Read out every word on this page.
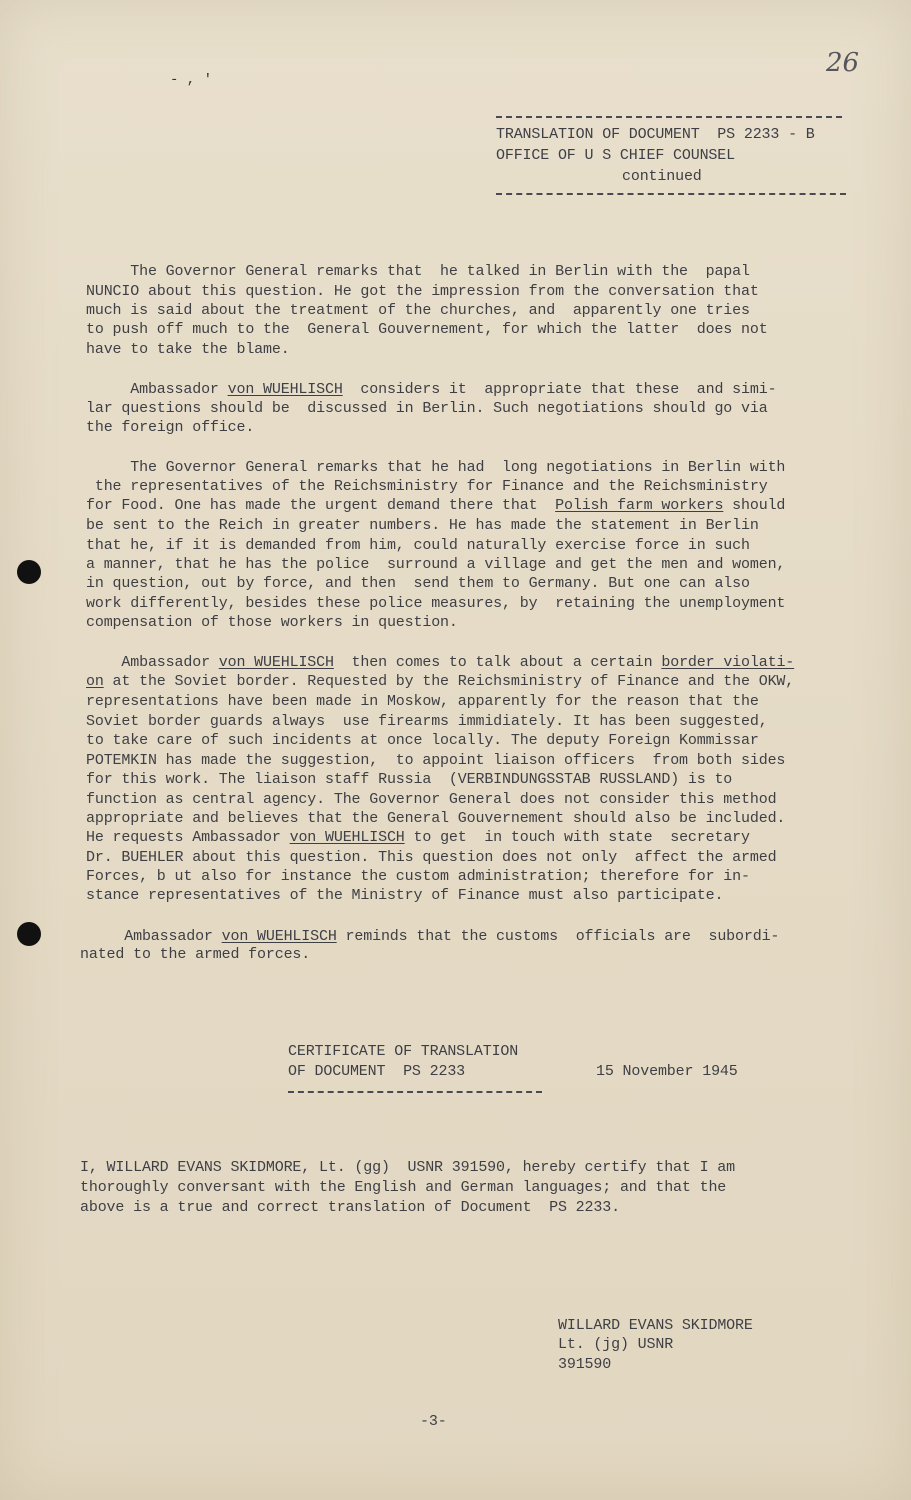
26
- , '
TRANSLATION OF DOCUMENT  PS 2233 - B
OFFICE OF U S CHIEF COUNSEL
continued
The Governor General remarks that  he talked in Berlin with the  papal
NUNCIO about this question. He got the impression from the conversation that
much is said about the treatment of the churches, and  apparently one tries
to push off much to the  General Gouvernement, for which the latter  does not
have to take the blame.
Ambassador von WUEHLISCH  considers it  appropriate that these  and simi-
lar questions should be  discussed in Berlin. Such negotiations should go via
the foreign office.
The Governor General remarks that he had  long negotiations in Berlin with
the representatives of the Reichsministry for Finance and the Reichsministry
for Food. One has made the urgent demand there that  Polish farm workers should
be sent to the Reich in greater numbers. He has made the statement in Berlin
that he, if it is demanded from him, could naturally exercise force in such
a manner, that he has the police  surround a village and get the men and women,
in question, out by force, and then  send them to Germany. But one can also
work differently, besides these police measures, by  retaining the unemployment
compensation of those workers in question.
Ambassador von WUEHLISCH  then comes to talk about a certain border violati-
on at the Soviet border. Requested by the Reichsministry of Finance and the OKW,
representations have been made in Moskow, apparently for the reason that the
Soviet border guards always  use firearms immidiately. It has been suggested,
to take care of such incidents at once locally. The deputy Foreign Kommissar
POTEMKIN has made the suggestion,  to appoint liaison officers  from both sides
for this work. The liaison staff Russia  (VERBINDUNGSSTAB RUSSLAND) is to
function as central agency. The Governor General does not consider this method
appropriate and believes that the General Gouvernement should also be included.
He requests Ambassador von WUEHLISCH to get  in touch with state  secretary
Dr. BUEHLER about this question. This question does not only  affect the armed
Forces, b ut also for instance the custom administration; therefore for in-
stance representatives of the Ministry of Finance must also participate.
Ambassador von WUEHLISCH reminds that the customs  officials are  subordi-
nated to the armed forces.
CERTIFICATE OF TRANSLATION
OF DOCUMENT  PS 2233	15 November 1945
I, WILLARD EVANS SKIDMORE, Lt. (gg)  USNR 391590, hereby certify that I am
thoroughly conversant with the English and German languages; and that the
above is a true and correct translation of Document  PS 2233.
WILLARD EVANS SKIDMORE
Lt. (jg) USNR
391590
-3-
